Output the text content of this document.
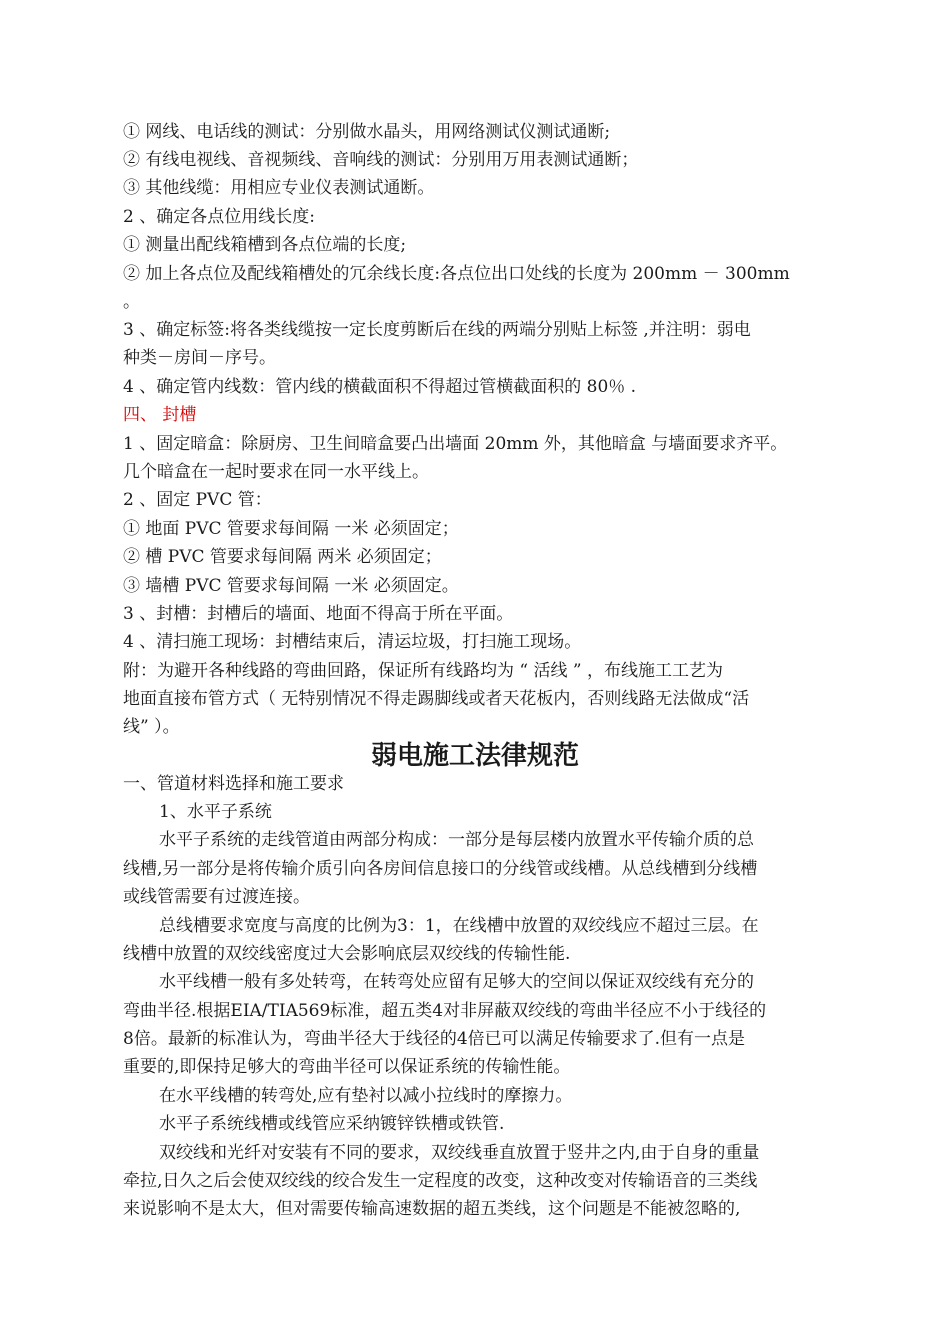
① 网线、电话线的测试：分别做水晶头，用网络测试仪测试通断;
② 有线电视线、音视频线、音响线的测试：分别用万用表测试通断；
③ 其他线缆：用相应专业仪表测试通断。
2 、确定各点位用线长度:
① 测量出配线箱槽到各点位端的长度;
② 加上各点位及配线箱槽处的冗余线长度:各点位出口处线的长度为 200mm － 300mm
。
3 、确定标签:将各类线缆按一定长度剪断后在线的两端分别贴上标签 ,并注明：弱电
种类－房间－序号。
4 、确定管内线数：管内线的横截面积不得超过管横截面积的 80％ .
四、 封槽
1 、固定暗盒：除厨房、卫生间暗盒要凸出墙面 20mm 外，其他暗盒 与墙面要求齐平。
几个暗盒在一起时要求在同一水平线上。
2 、固定 PVC 管：
① 地面 PVC 管要求每间隔 一米 必须固定；
② 槽 PVC 管要求每间隔 两米 必须固定；
③ 墙槽 PVC 管要求每间隔 一米 必须固定。
3 、封槽：封槽后的墙面、地面不得高于所在平面。
4 、清扫施工现场：封槽结束后，清运垃圾，打扫施工现场。
附：为避开各种线路的弯曲回路，保证所有线路均为 “ 活线 ” ，布线施工工艺为
地面直接布管方式（ 无特别情况不得走踢脚线或者天花板内，否则线路无法做成“活
线” ）。
弱电施工法律规范
一、管道材料选择和施工要求
1、水平子系统
水平子系统的走线管道由两部分构成：一部分是每层楼内放置水平传输介质的总
线槽,另一部分是将传输介质引向各房间信息接口的分线管或线槽。从总线槽到分线槽
或线管需要有过渡连接。
总线槽要求宽度与高度的比例为3：1，在线槽中放置的双绞线应不超过三层。在
线槽中放置的双绞线密度过大会影响底层双绞线的传输性能.
水平线槽一般有多处转弯，在转弯处应留有足够大的空间以保证双绞线有充分的
弯曲半径.根据EIA/TIA569标准，超五类4对非屏蔽双绞线的弯曲半径应不小于线径的
8倍。最新的标准认为，弯曲半径大于线径的4倍已可以满足传输要求了.但有一点是
重要的,即保持足够大的弯曲半径可以保证系统的传输性能。
在水平线槽的转弯处,应有垫衬以减小拉线时的摩擦力。
水平子系统线槽或线管应采纳镀锌铁槽或铁管.
双绞线和光纤对安装有不同的要求，双绞线垂直放置于竖井之内,由于自身的重量
牵拉,日久之后会使双绞线的绞合发生一定程度的改变，这种改变对传输语音的三类线
来说影响不是太大，但对需要传输高速数据的超五类线，这个问题是不能被忽略的,
